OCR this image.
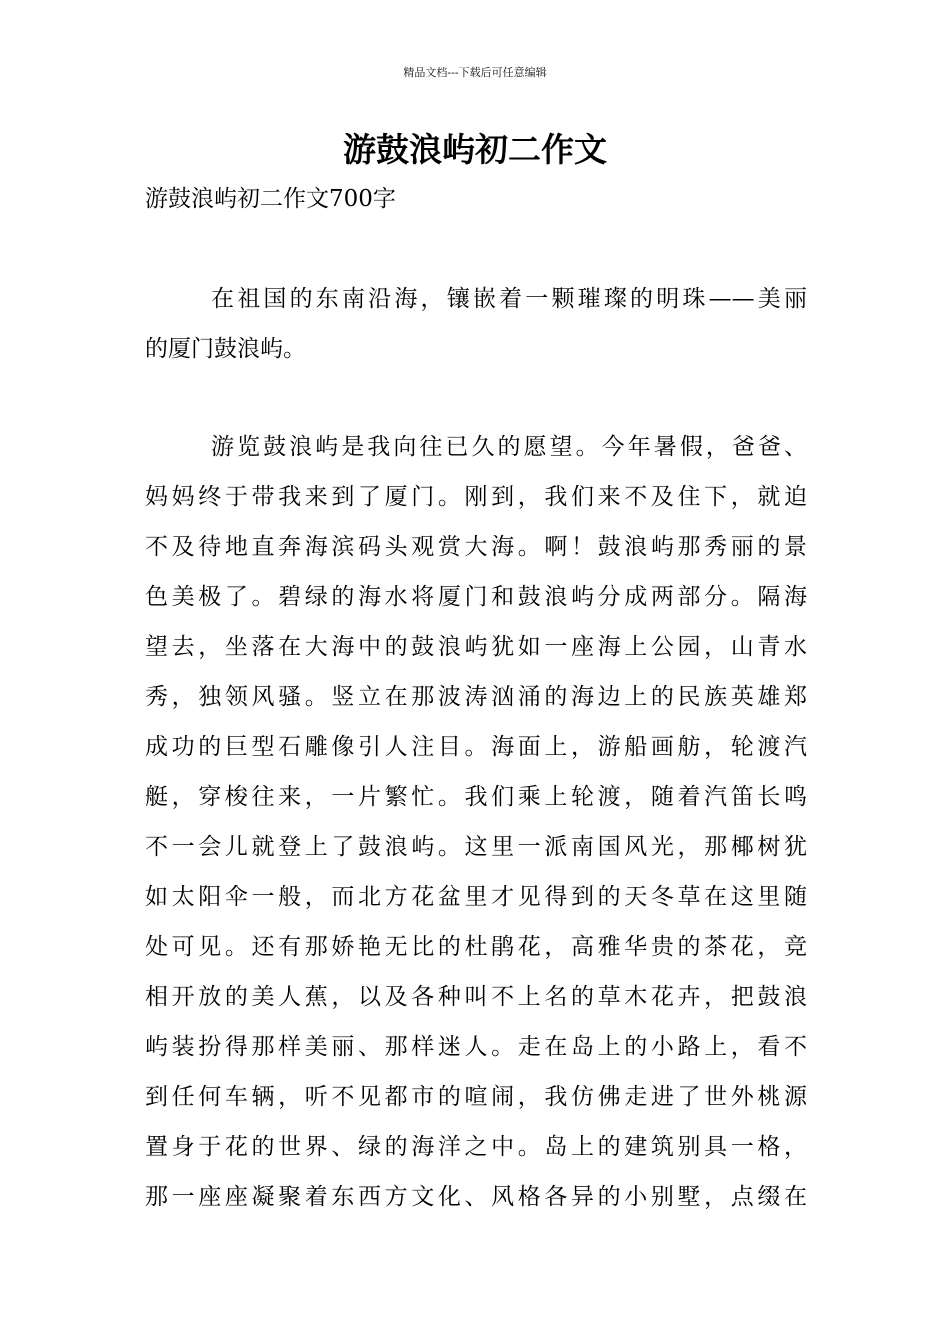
精品文档---下载后可任意编辑
游鼓浪屿初二作文
游鼓浪屿初二作文700字

在祖国的东南沿海，镶嵌着一颗璀璨的明珠——美丽
的厦门鼓浪屿。

游览鼓浪屿是我向往已久的愿望。今年暑假，爸爸、
妈妈终于带我来到了厦门。刚到，我们来不及住下，就迫
不及待地直奔海滨码头观赏大海。啊！鼓浪屿那秀丽的景
色美极了。碧绿的海水将厦门和鼓浪屿分成两部分。隔海
望去，坐落在大海中的鼓浪屿犹如一座海上公园，山青水
秀，独领风骚。竖立在那波涛汹涌的海边上的民族英雄郑
成功的巨型石雕像引人注目。海面上，游船画舫，轮渡汽
艇，穿梭往来，一片繁忙。我们乘上轮渡，随着汽笛长鸣
不一会儿就登上了鼓浪屿。这里一派南国风光，那椰树犹
如太阳伞一般，而北方花盆里才见得到的天冬草在这里随
处可见。还有那娇艳无比的杜鹃花，高雅华贵的茶花，竞
相开放的美人蕉，以及各种叫不上名的草木花卉，把鼓浪
屿装扮得那样美丽、那样迷人。走在岛上的小路上，看不
到任何车辆，听不见都市的喧闹，我仿佛走进了世外桃源
置身于花的世界、绿的海洋之中。岛上的建筑别具一格，
那一座座凝聚着东西方文化、风格各异的小别墅，点缀在
